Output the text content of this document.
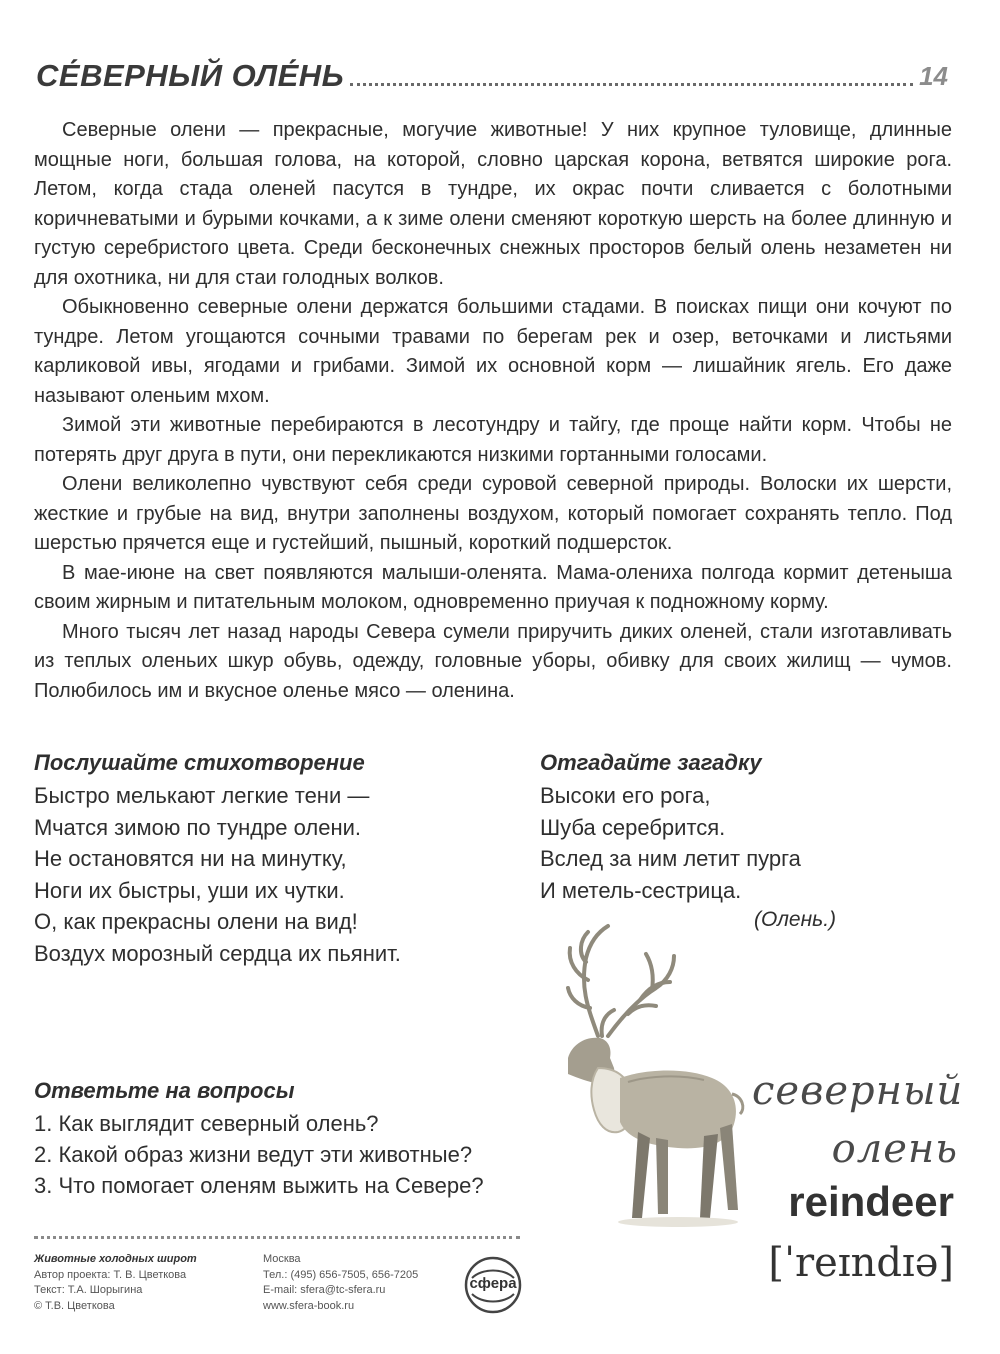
СЕ́ВЕРНЫЙ ОЛЕ́НЬ	14

Северные олени — прекрасные, могучие животные! У них крупное туловище, длинные мощные ноги, большая голова, на которой, словно царская корона, ветвятся широкие рога. Летом, когда стада оленей пасутся в тундре, их окрас почти сливается с болотными коричневатыми и бурыми кочками, а к зиме олени сменяют короткую шерсть на более длинную и густую серебристого цвета. Среди бесконечных снежных просторов белый олень незаметен ни для охотника, ни для стаи голодных волков.

Обыкновенно северные олени держатся большими стадами. В поисках пищи они кочуют по тундре. Летом угощаются сочными травами по берегам рек и озер, веточками и листьями карликовой ивы, ягодами и грибами. Зимой их основной корм — лишайник ягель. Его даже называют оленьим мхом.

Зимой эти животные перебираются в лесотундру и тайгу, где проще найти корм. Чтобы не потерять друг друга в пути, они перекликаются низкими гортанными голосами.

Олени великолепно чувствуют себя среди суровой северной природы. Волоски их шерсти, жесткие и грубые на вид, внутри заполнены воздухом, который помогает сохранять тепло. Под шерстью прячется еще и густейший, пышный, короткий подшерсток.

В мае-июне на свет появляются малыши-оленята. Мама-олениха полгода кормит детеныша своим жирным и питательным молоком, одновременно приучая к подножному корму.

Много тысяч лет назад народы Севера сумели приручить диких оленей, стали изготавливать из теплых оленьих шкур обувь, одежду, головные уборы, обивку для своих жилищ — чумов. Полюбилось им и вкусное оленье мясо — оленина.

Послушайте стихотворение
Быстро мелькают легкие тени —
Мчатся зимою по тундре олени.
Не остановятся ни на минутку,
Ноги их быстры, уши их чутки.
О, как прекрасны олени на вид!
Воздух морозный сердца их пьянит.
Отгадайте загадку
Высоки его рога,
Шуба серебрится.
Вслед за ним летит пурга
И метель-сестрица.
(Олень.)
северный
олень
reindeer
[ˈreɪndɪə]
Ответьте на вопросы
1. Как выглядит северный олень?
2. Какой образ жизни ведут эти животные?
3. Что помогает оленям выжить на Севере?
Животные холодных широт
Автор проекта: Т. В. Цветкова
Текст: Т.А. Шорыгина
© Т.В. Цветкова
Москва
Тел.: (495) 656-7505, 656-7205
E-mail: sfera@tc-sfera.ru
www.sfera-book.ru
сфера
